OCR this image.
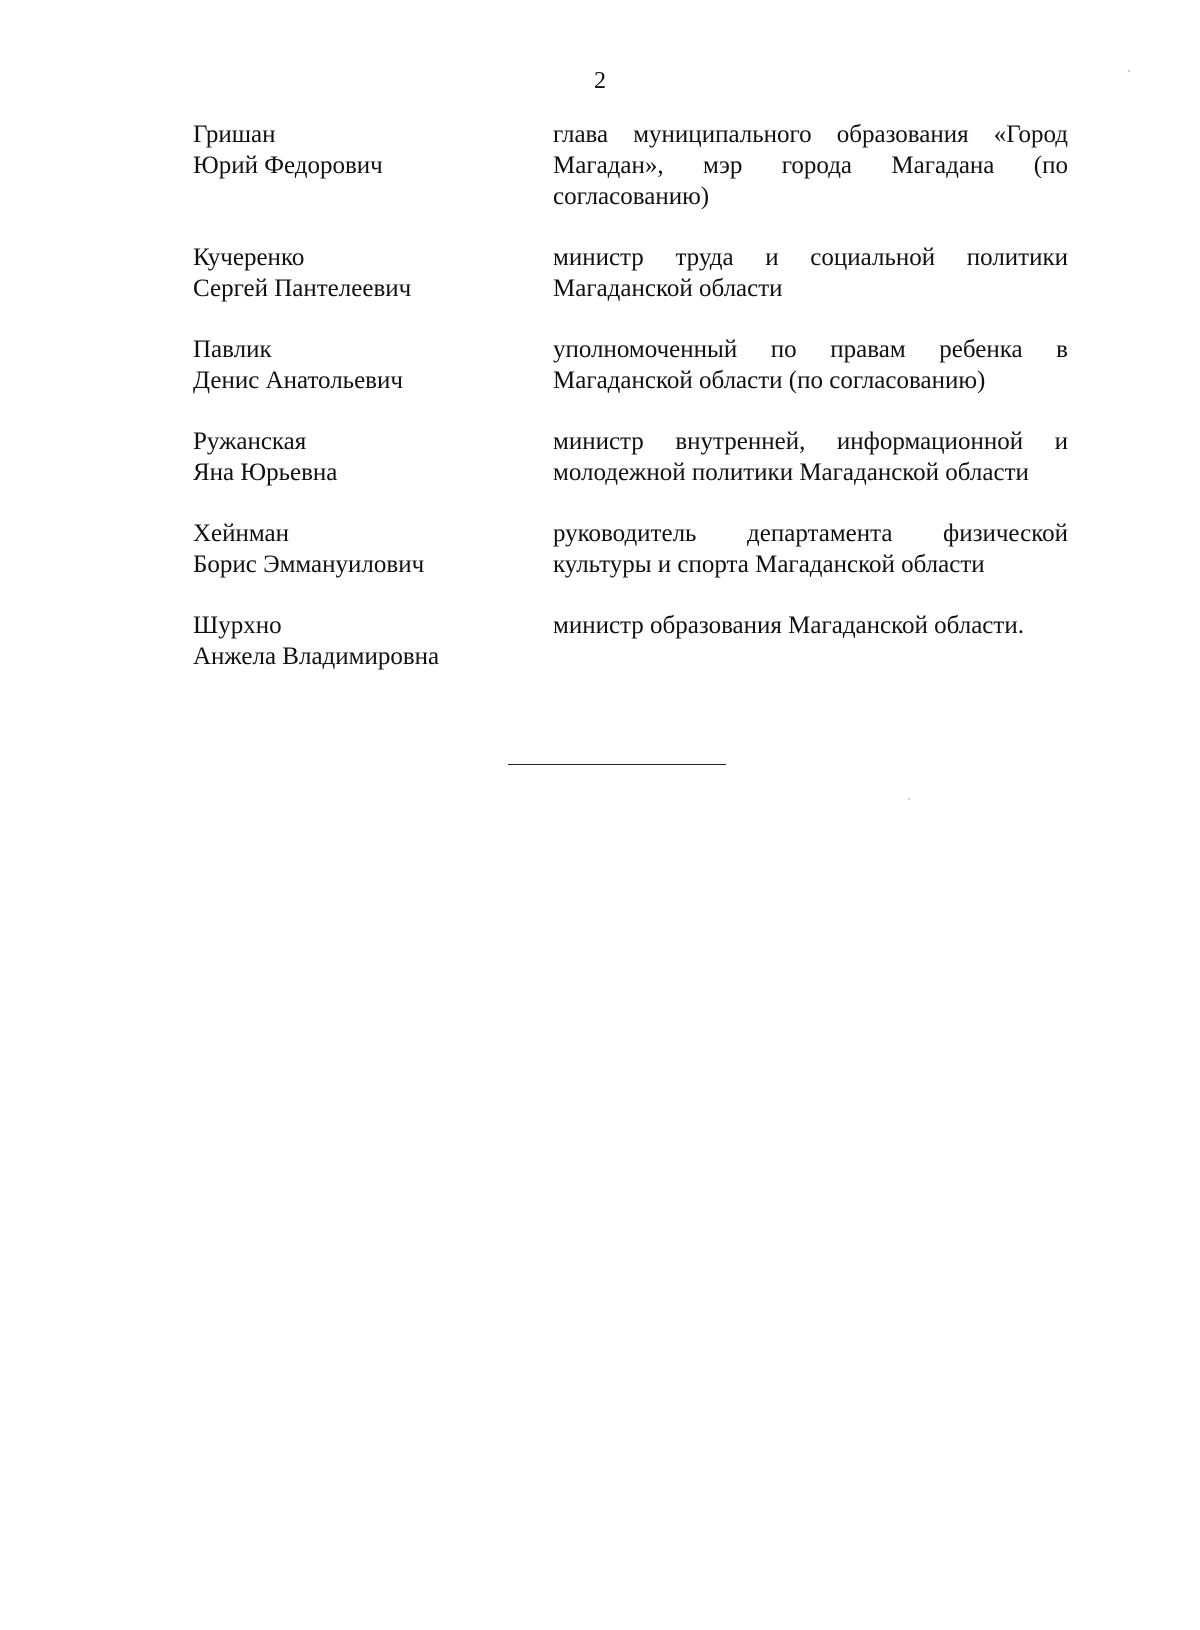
2
Гришан
Юрий Федорович
глава муниципального образования «Город Магадан», мэр города Магадана (по согласованию)
Кучеренко
Сергей Пантелеевич
министр труда и социальной политики Магаданской области
Павлик
Денис Анатольевич
уполномоченный по правам ребенка в Магаданской области (по согласованию)
Ружанская
Яна Юрьевна
министр внутренней, информационной и молодежной политики Магаданской области
Хейнман
Борис Эммануилович
руководитель департамента физической культуры и спорта Магаданской области
Шурхно
Анжела Владимировна
министр образования Магаданской области.
